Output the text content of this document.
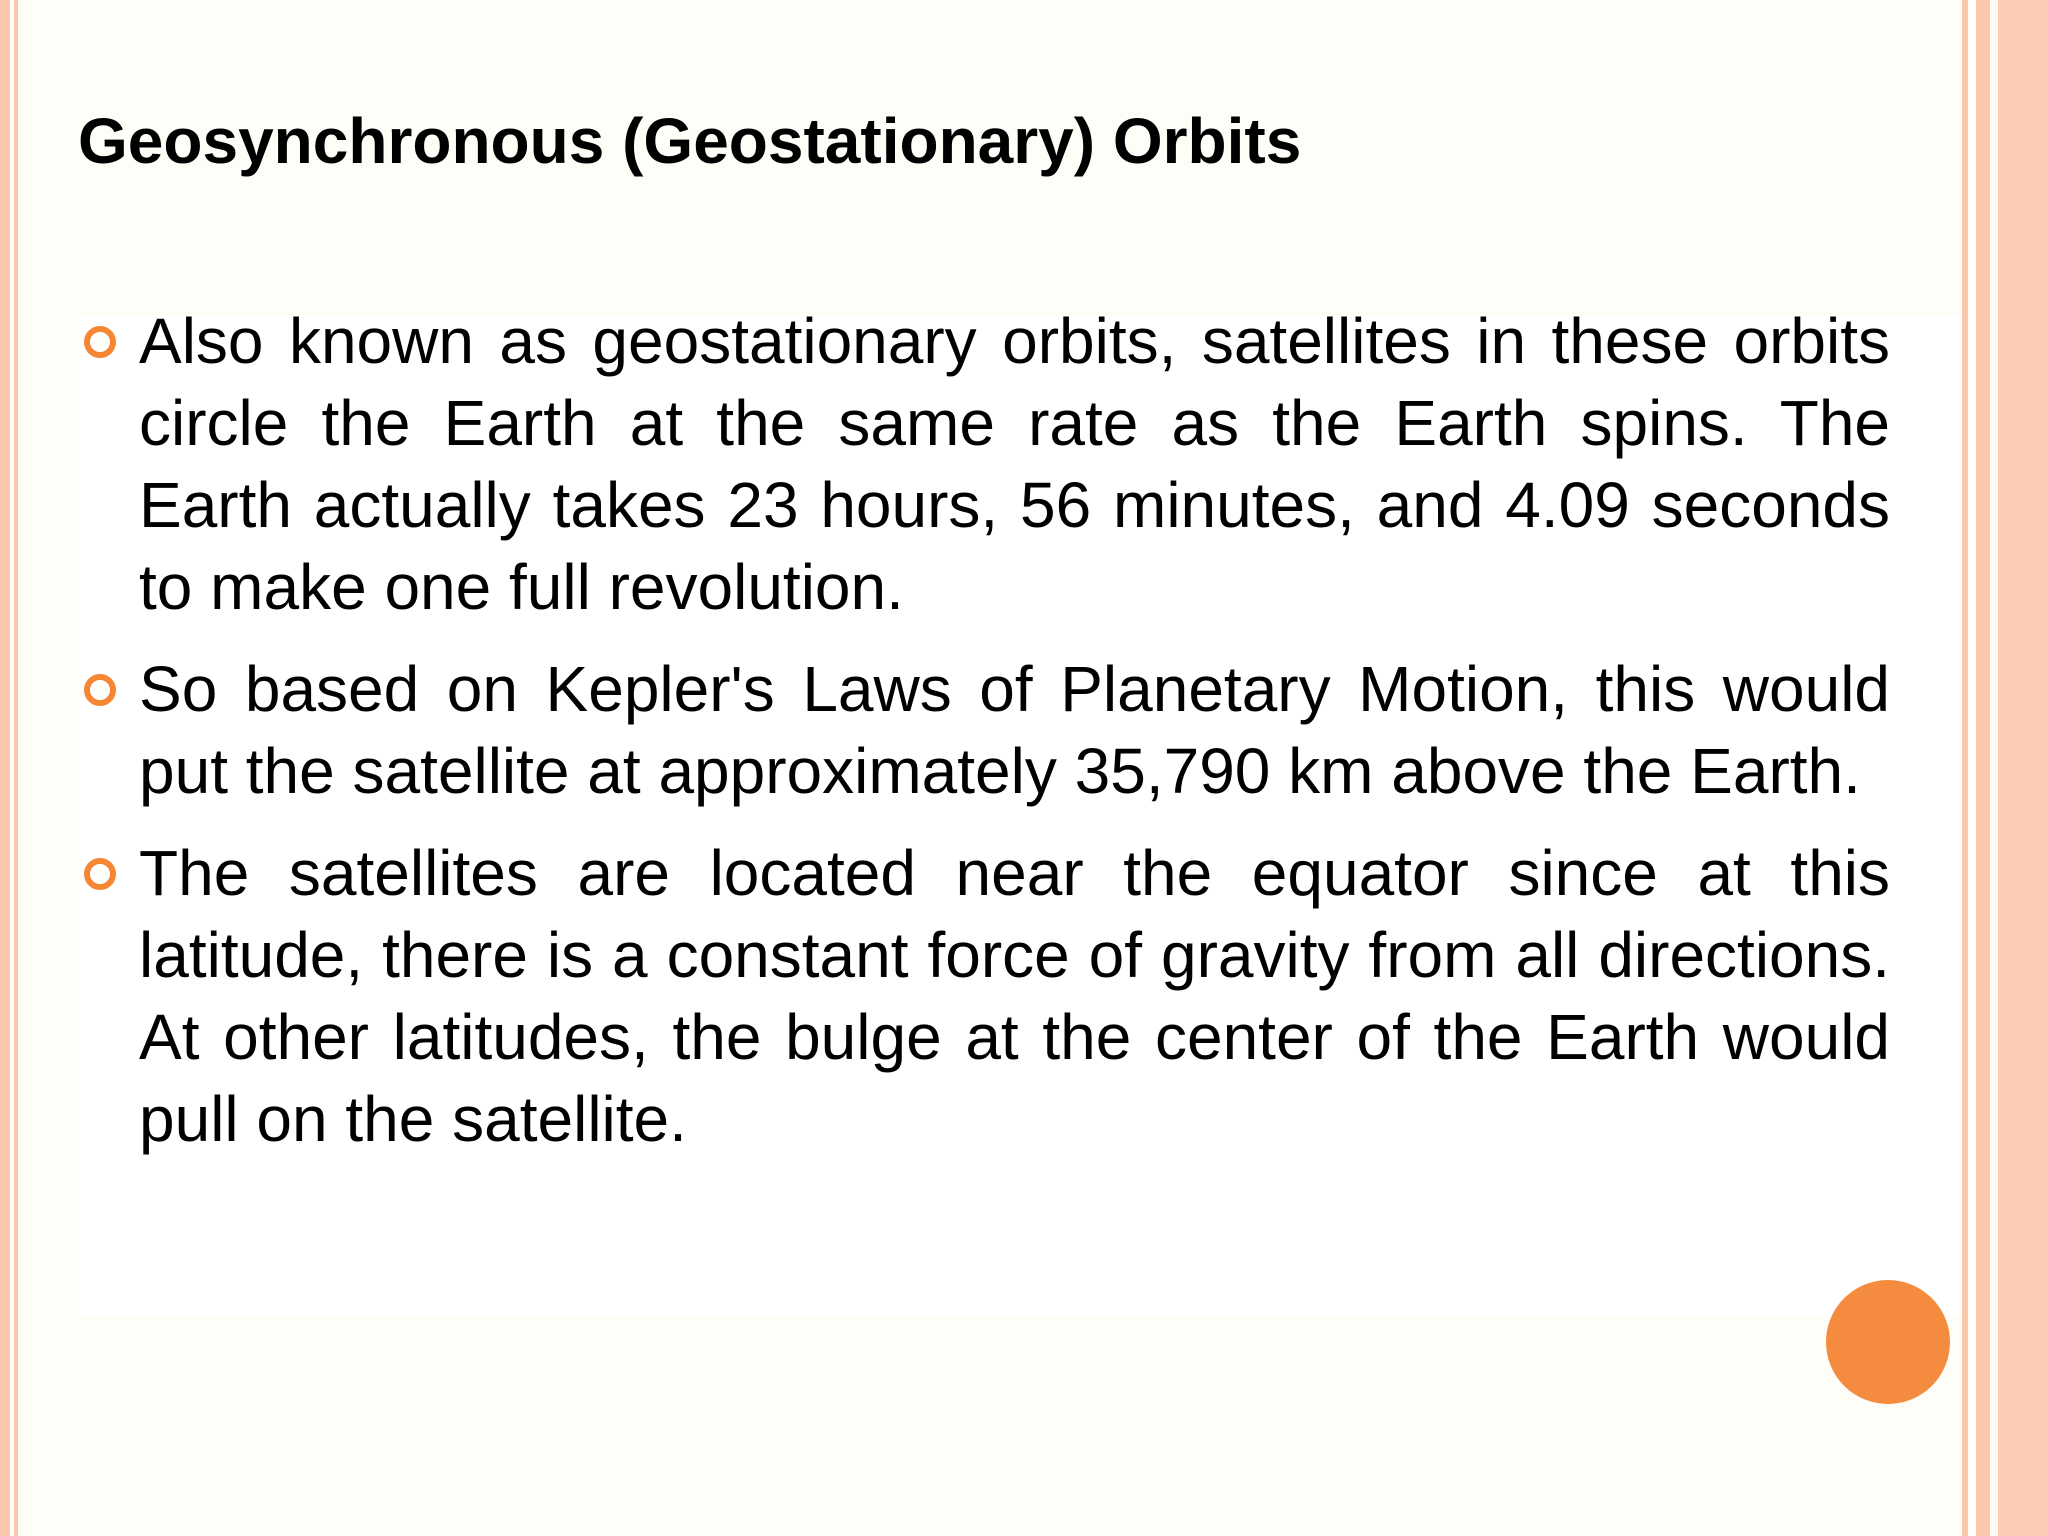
Geosynchronous (Geostationary) Orbits
Also known as geostationary orbits, satellites in these orbits circle the Earth at the same rate as the Earth spins. The Earth actually takes 23 hours, 56 minutes, and 4.09 seconds to make one full revolution.
So based on Kepler's Laws of Planetary Motion, this would put the satellite at approximately 35,790 km above the Earth.
The satellites are located near the equator since at this latitude, there is a constant force of gravity from all directions. At other latitudes, the bulge at the center of the Earth would pull on the satellite.
